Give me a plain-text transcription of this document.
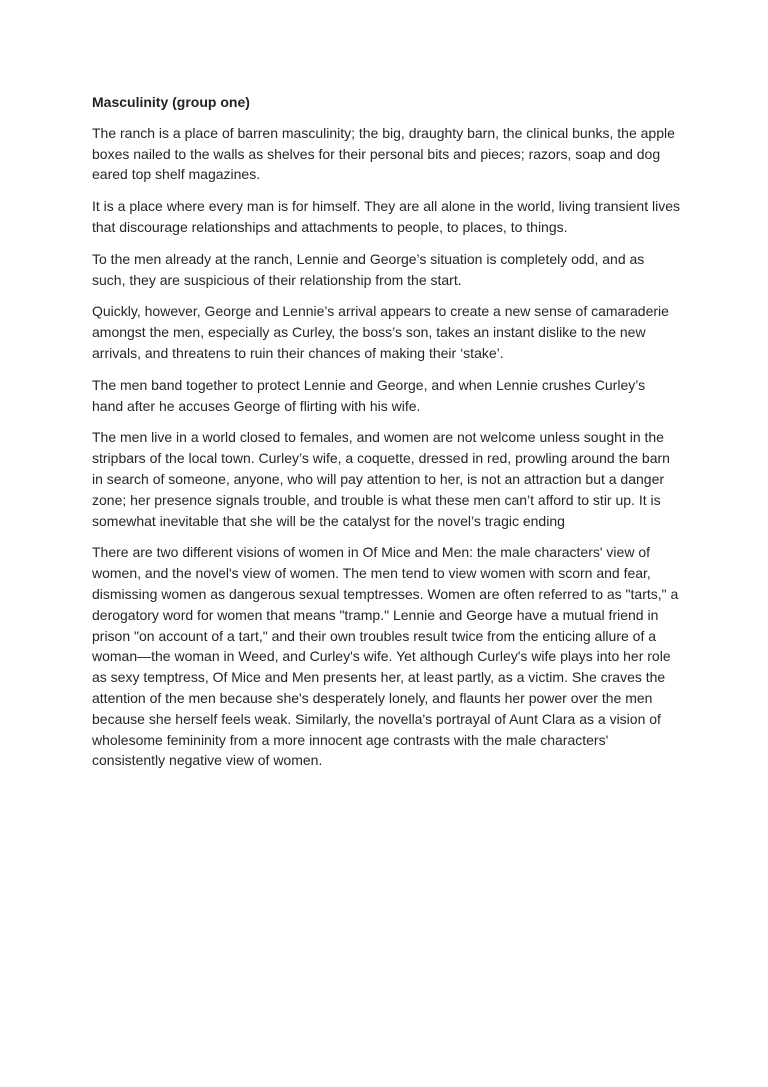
Masculinity (group one)

The ranch is a place of barren masculinity; the big, draughty barn, the clinical bunks, the apple boxes nailed to the walls as shelves for their personal bits and pieces; razors, soap and dog eared top shelf magazines.

It is a place where every man is for himself. They are all alone in the world, living transient lives that discourage relationships and attachments to people, to places, to things.

To the men already at the ranch, Lennie and George’s situation is completely odd, and as such, they are suspicious of their relationship from the start.

Quickly, however, George and Lennie’s arrival appears to create a new sense of camaraderie amongst the men, especially as Curley, the boss’s son, takes an instant dislike to the new arrivals, and threatens to ruin their chances of making their ‘stake’.

The men band together to protect Lennie and George, and when Lennie crushes Curley’s hand after he accuses George of flirting with his wife.

The men live in a world closed to females, and women are not welcome unless sought in the stripbars of the local town. Curley’s wife, a coquette, dressed in red, prowling around the barn in search of someone, anyone, who will pay attention to her, is not an attraction but a danger zone; her presence signals trouble, and trouble is what these men can’t afford to stir up. It is somewhat inevitable that she will be the catalyst for the novel’s tragic ending

There are two different visions of women in Of Mice and Men: the male characters' view of women, and the novel's view of women. The men tend to view women with scorn and fear, dismissing women as dangerous sexual temptresses. Women are often referred to as "tarts," a derogatory word for women that means "tramp." Lennie and George have a mutual friend in prison "on account of a tart," and their own troubles result twice from the enticing allure of a woman—the woman in Weed, and Curley's wife. Yet although Curley's wife plays into her role as sexy temptress, Of Mice and Men presents her, at least partly, as a victim. She craves the attention of the men because she's desperately lonely, and flaunts her power over the men because she herself feels weak. Similarly, the novella's portrayal of Aunt Clara as a vision of wholesome femininity from a more innocent age contrasts with the male characters' consistently negative view of women.
